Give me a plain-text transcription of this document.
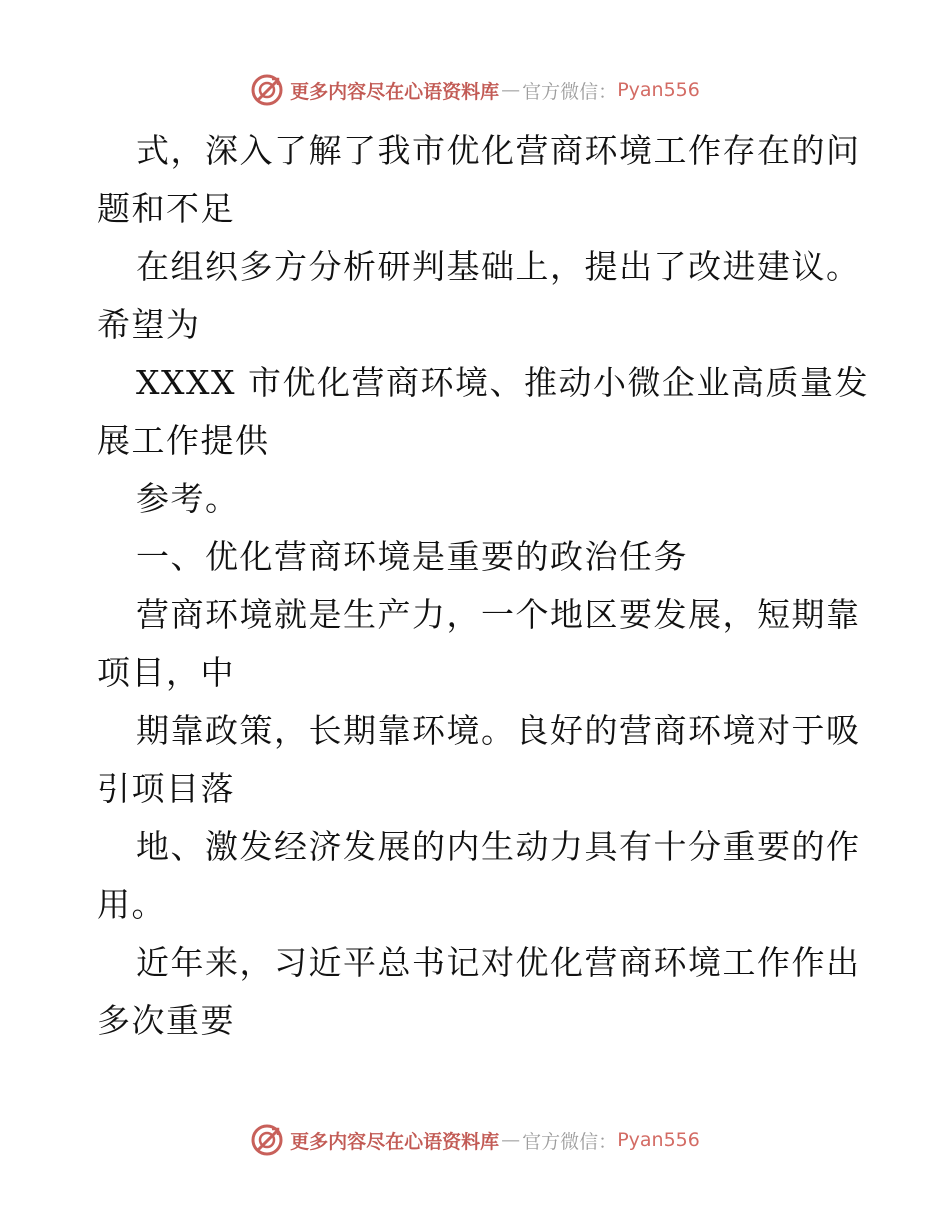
更多内容尽在心语资料库 — 官方微信： Pyan556

式，深入了解了我市优化营商环境工作存在的问
题和不足

在组织多方分析研判基础上，提出了改进建议。
希望为

XXXX 市优化营商环境、推动小微企业高质量发
展工作提供

参考。

一、优化营商环境是重要的政治任务

营商环境就是生产力，一个地区要发展，短期靠
项目，中

期靠政策，长期靠环境。良好的营商环境对于吸
引项目落

地、激发经济发展的内生动力具有十分重要的作
用。

近年来，习近平总书记对优化营商环境工作作出
多次重要

更多内容尽在心语资料库 — 官方微信： Pyan556
